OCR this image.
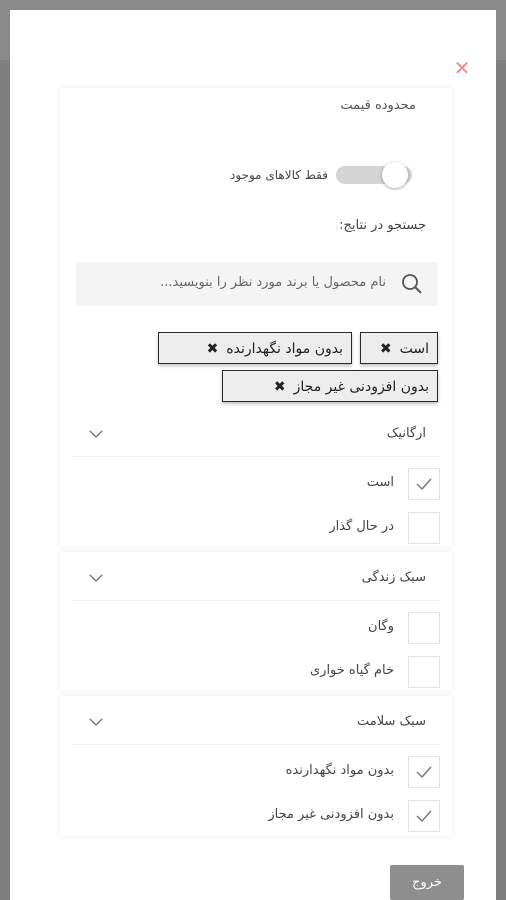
✕
محدوده قیمت
فقط کالاهای موجود
جستجو در نتایج:
نام محصول یا برند مورد نظر را بنویسید...
است✖
بدون مواد نگهدارنده✖
بدون افزودنی غیر مجاز✖
ارگانیک
است
در حال گذار
سبک زندگی
وگان
خام گیاه خواری
سبک سلامت
بدون مواد نگهدارنده
بدون افزودنی غیر مجاز
خروج
